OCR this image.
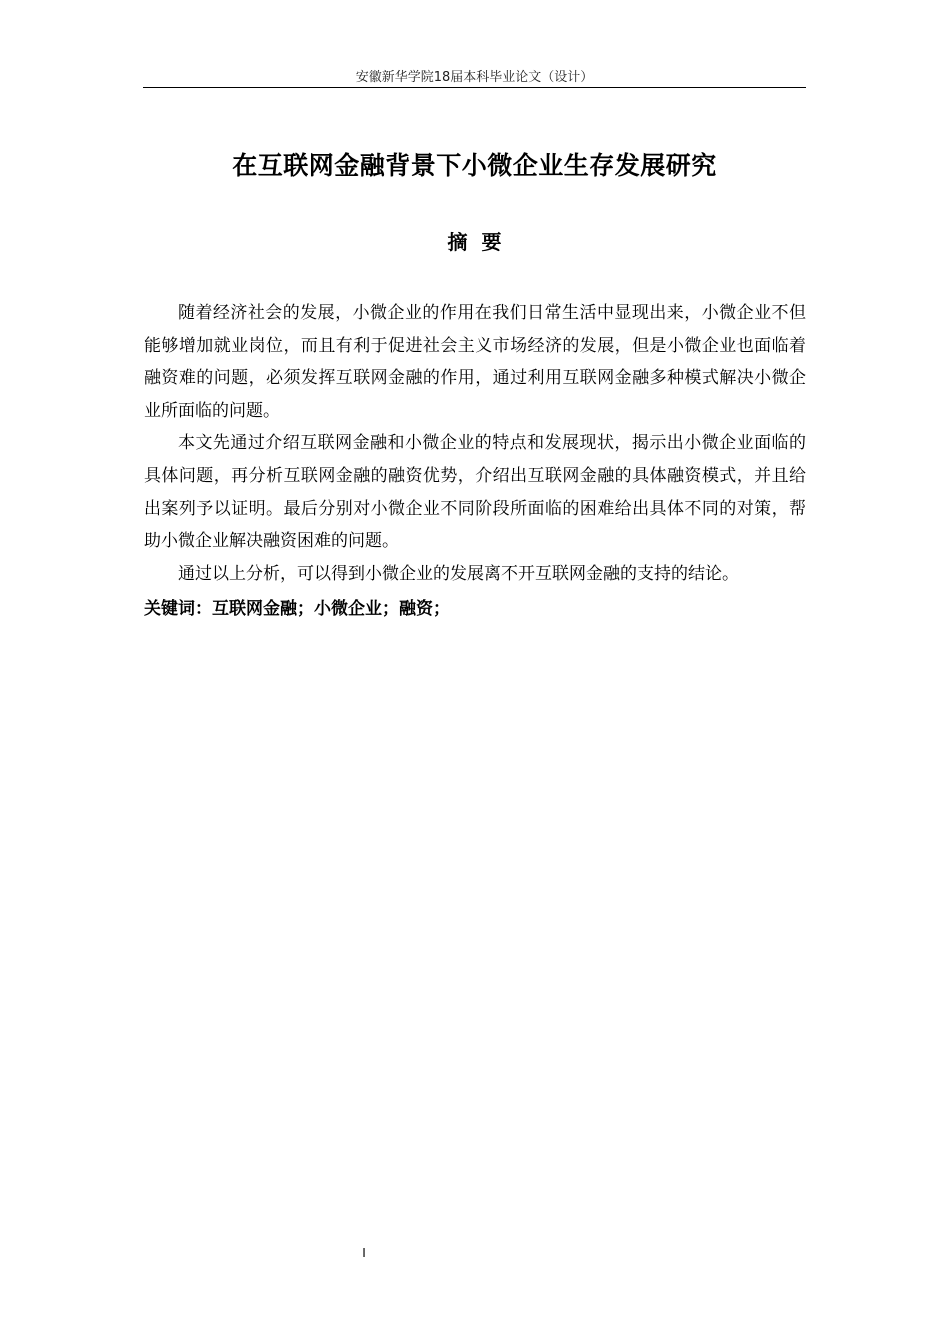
安徽新华学院18届本科毕业论文（设计）
在互联网金融背景下小微企业生存发展研究
摘要

随着经济社会的发展，小微企业的作用在我们日常生活中显现出来，小微企业不但能够增加就业岗位，而且有利于促进社会主义市场经济的发展，但是小微企业也面临着融资难的问题，必须发挥互联网金融的作用，通过利用互联网金融多种模式解决小微企业所面临的问题。

本文先通过介绍互联网金融和小微企业的特点和发展现状，揭示出小微企业面临的具体问题，再分析互联网金融的融资优势，介绍出互联网金融的具体融资模式，并且给出案列予以证明。最后分别对小微企业不同阶段所面临的困难给出具体不同的对策，帮助小微企业解决融资困难的问题。

通过以上分析，可以得到小微企业的发展离不开互联网金融的支持的结论。

关键词：互联网金融；小微企业；融资；
I
